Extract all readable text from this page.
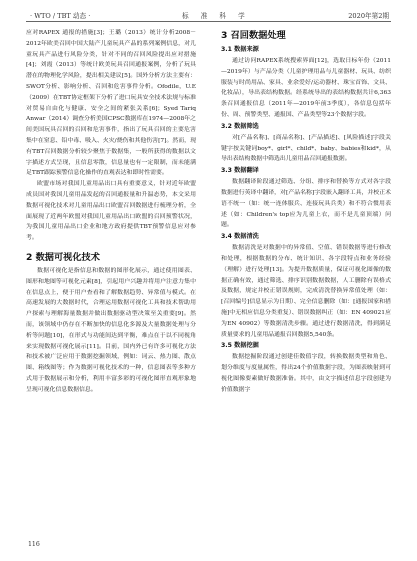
· WTO / TBT 动态 ·	标 准 科 学	2020年第2期

应对RAPEX 通报的措施[3]；王璐（2013）统计分析2008－2012年欧美召回中国大陆产儿童玩具产品的系列案例信息，对儿童玩具产品进行风险分类，针对不同的召回风险提出应对措施[4]；刘霞（2013）等统计欧美玩具召回通报案例，分析了玩具潜在的物理化学风险，提出相关建议[5]。国外分析方法主要有：SWOT分析、影响分析、召回和危害事件分析。Ofodile，U.E（2009）在TBT协定框架下分析了进口玩具安全技术法规与标准对贸易自由化与健康、安全之间的紧张关系[6]；Syed Tariq Anwar（2014）调查分析美国CPSC数据库在1974—2008年之间美国玩具召回的召回和危害事件，指出了玩具召回的主要危害集中在窒息、铅中毒、吸入、火灾/烧伤和其他伤害[7]。然而，现有TBT召回数据分析较少聚焦于数据集，一般所获得的数据以文字描述方式呈现，且信息零散，信息量也有一定限制，而未能满足TBT跟踪预警信息化操作的直观表达和即时性需要。

欧盟市场对我国儿童用品出口具有重要意义，针对近年欧盟成员国对我国儿童用品发起的召回通报量和升温态势，本文采用数据可视化技术对儿童用品出口欧盟召回数据进行梳理分析，全面展现了近两年欧盟对我国儿童用品出口欧盟的召回预警状况，为我国儿童用品出口企业和地方政府提供TBT预警信息应对参考。

2 数据可视化技术

数据可视化是指信息和数据的图形化展示，通过使用图表、图形和地图等可视化元素[8]，引起用户兴趣并将用户注意力集中在信息点上，便于用户查看和了解数据趋势、异常值与模式。在高速发展的大数据时代，合理运用数据可视化工具和技术帮助用户探索与理解海量数据并做出数据驱动型决策至关重要[9]。然而，该领域中仍存在不断加快的信息化多源及大量数据处理与分析等问题[10]，在形式与功能间达到平衡，难点在于以不同视角来实现数据可视化展示[11]。目前，国内外已有许多可视化方法和技术被广泛应用于数据挖掘领域，例如：词云、热力图、散点图、箱线图等；作为数据可视化技术的一种，信息图表等多种方式用于数据展示和分析，利用丰富多彩的可视化图形直观形象地呈现可视化信息数据信息。

3 召回数据处理
3.1 数据来源

通过访问RAPEX系统搜索界面[12]，选取日标年份（2011—2019年）与产品分类（儿童护理用品与儿童器材、玩具、纺织服装与时尚用品、家具、业余爱好/运动器材、珠宝首饰、文具、化妆品），导出表结构数据。经系统导出的表结构数据共计6,363条召回通报信息（2011年—2019年前3季度），各信息包括年份、周、预警类型、通报国、产品类型等23个数据字段。

3.2 数据筛选

对[产品名称]、[商品名称]、[产品描述]、[风险描述]字段关键字按关键词boy*、girl*、child*、baby、babies和kid*，从导出表结构数据中筛选出儿童用品召回通报数据。

3.3 数据翻译

数据翻译阶段通过筛选、分组、排序和替换等方式对各字段数据进行英译中翻译，对[产品名称]字段嵌入翻译工具，并校正术语不统一（如：统一连体服兵、连接玩具兵类）和不符合惯用表述（如：Children's top应为儿童上衣，而不是儿童顶端）问题。

3.4 数据清洗

数据清洗是对数据中的异常值、空值、错误数据等进行修改和处理，根据数据的分布、统计知识、各字段特点和业务经验（理解）进行处理[13]。为提升数据质量，保证可视化图像的数据正确有效，通过筛选、排序识别数据数据，人工删除有误格式及数据，规定并校正错误规则，完成清洗替换异常值处理（如：[召回编号]信息显示为日期）、完全信息删除（如：[通报国家和措施]中无相应信息分类重复）、错误数据纠正（如：EN 409021应为EN 40902）等数据清洗步骤。通过进行数据清洗，得到满足质量要求的儿童用品通报召回数据5,540条。

3.5 数据挖掘

数据挖掘阶段通过创建佳数值字段，转换数据类型和角色、划分维度与度量属性，得出24个价值数据字段，为图表映射到可视化图像要素做好数据准备。其中，由文字描述信息字段创建为价值数据字

116
